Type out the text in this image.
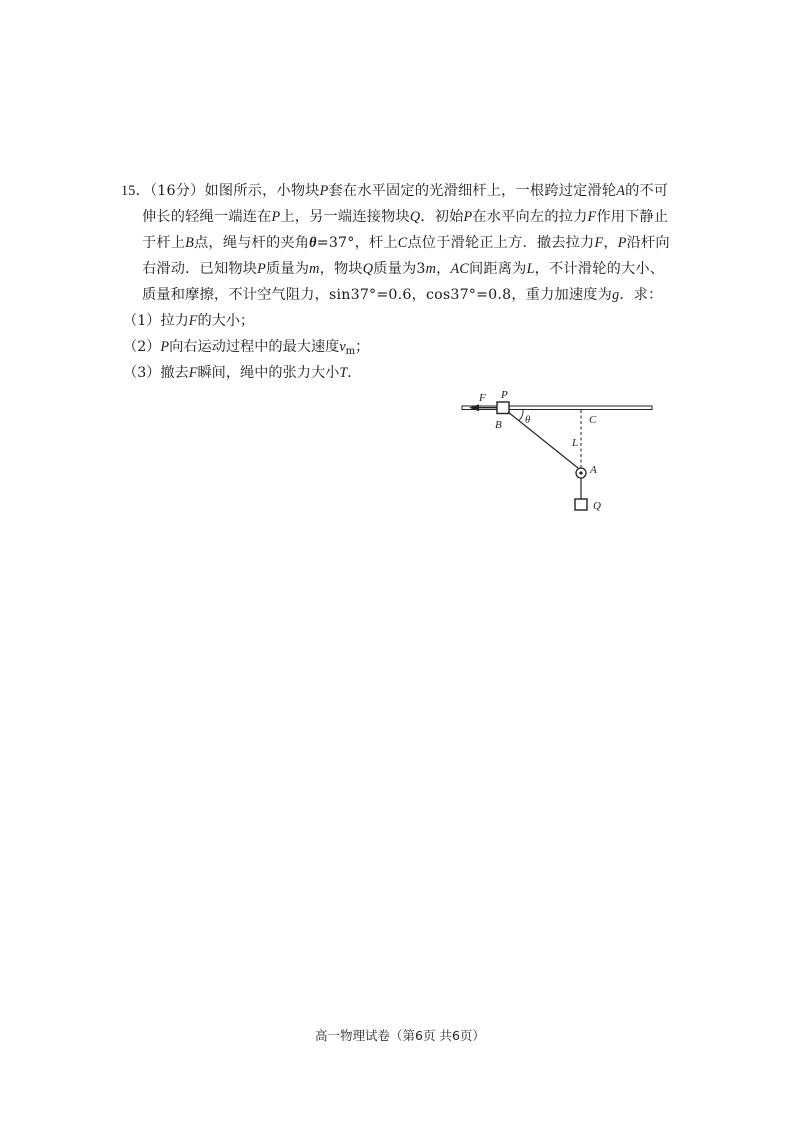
15．（16分）如图所示，小物块P套在水平固定的光滑细杆上，一根跨过定滑轮A的不可
伸长的轻绳一端连在P上，另一端连接物块Q．初始P在水平向左的拉力F作用下静止
于杆上B点，绳与杆的夹角θ=37°，杆上C点位于滑轮正上方．撤去拉力F，P沿杆向
右滑动．已知物块P质量为m，物块Q质量为3m，AC间距离为L，不计滑轮的大小、
质量和摩擦，不计空气阻力，sin37°=0.6，cos37°=0.8，重力加速度为g．求：
（1）拉力F的大小；
（2）P向右运动过程中的最大速度$v_m$；
（3）撤去F瞬间，绳中的张力大小T．
F P
B θ	C
L
A
Q
高一物理试卷（第6页 共6页）
